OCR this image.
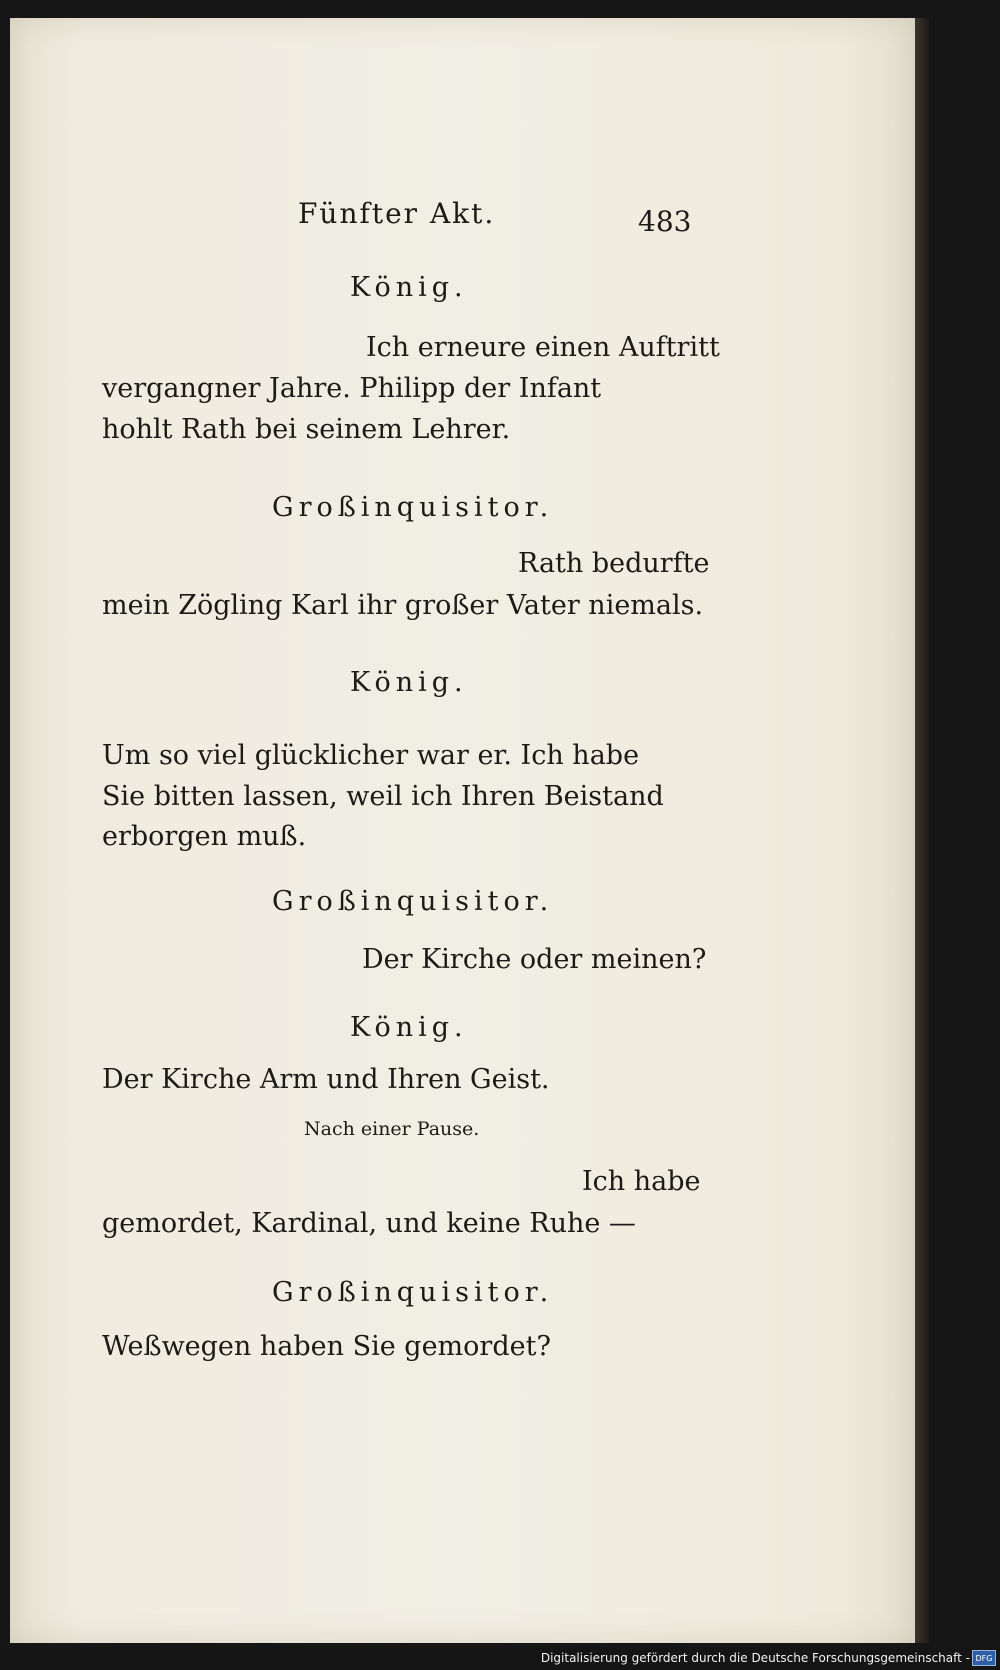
Fünfter Akt.	483

König.

Ich erneure einen Auftritt

vergangner Jahre. Philipp der Infant

hohlt Rath bei seinem Lehrer.

Großinquisitor.

Rath bedurfte

mein Zögling Karl ihr großer Vater niemals.

König.

Um so viel glücklicher war er. Ich habe

Sie bitten lassen, weil ich Ihren Beistand

erborgen muß.

Großinquisitor.

Der Kirche oder meinen?

König.

Der Kirche Arm und Ihren Geist.

Nach einer Pause.

Ich habe

gemordet, Kardinal, und keine Ruhe —

Großinquisitor.

Weßwegen haben Sie gemordet?

Digitalisierung gefördert durch die Deutsche Forschungsgemeinschaft - DFG
